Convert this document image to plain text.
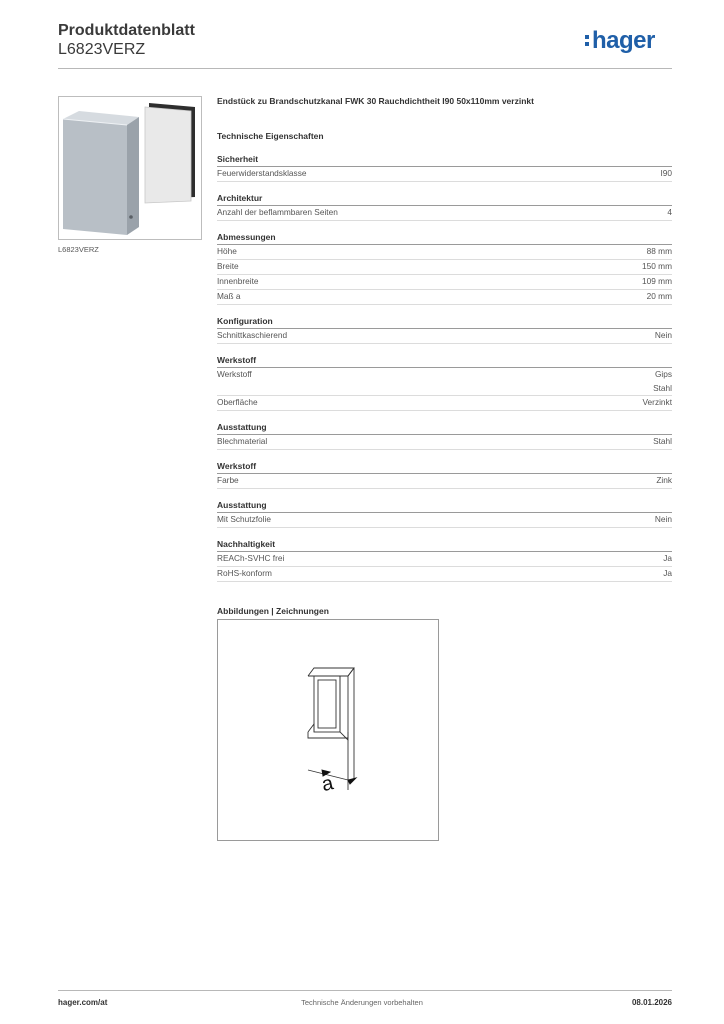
Produktdatenblatt
L6823VERZ	hager
L6823VERZ
Endstück zu Brandschutzkanal FWK 30 Rauchdichtheit I90 50x110mm verzinkt
Technische Eigenschaften
Sicherheit
Feuerwiderstandsklasse	I90
Architektur
Anzahl der beflammbaren Seiten	4
Abmessungen
Höhe	88 mm
Breite	150 mm
Innenbreite	109 mm
Maß a	20 mm
Konfiguration
Schnittkaschierend	Nein
Werkstoff
Werkstoff	Gips
Stahl
Oberfläche	Verzinkt
Ausstattung
Blechmaterial	Stahl
Werkstoff
Farbe	Zink
Ausstattung
Mit Schutzfolie	Nein
Nachhaltigkeit
REACh-SVHC frei	Ja
RoHS-konform	Ja
Abbildungen | Zeichnungen
a
hager.com/at	Technische Änderungen vorbehalten	08.01.2026
